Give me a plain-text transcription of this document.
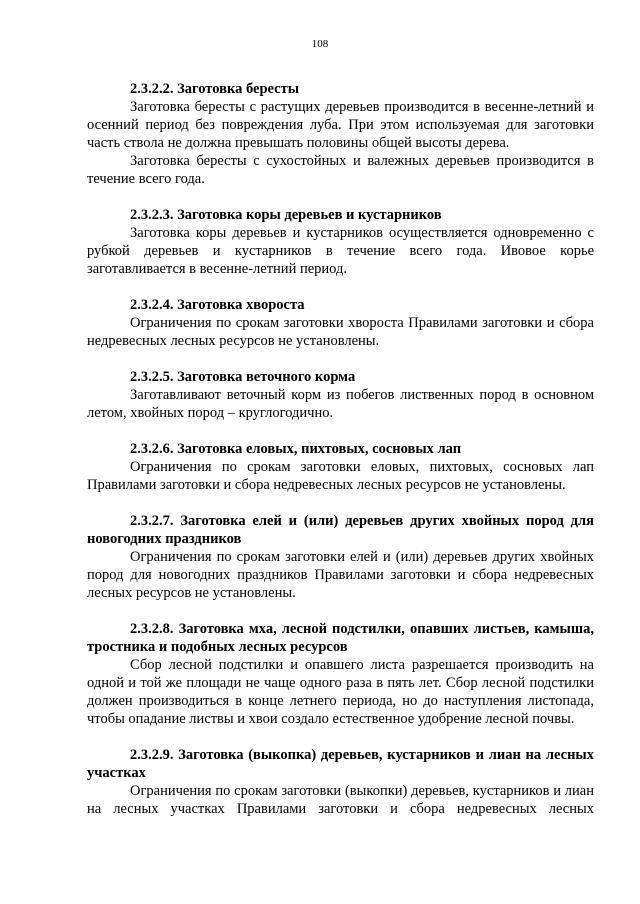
108

2.3.2.2. Заготовка бересты

Заготовка бересты с растущих деревьев производится в весенне-летний и осенний период без повреждения луба. При этом используемая для заготовки часть ствола не должна превышать половины общей высоты дерева.

Заготовка бересты с сухостойных и валежных деревьев производится в течение всего года.

2.3.2.3. Заготовка коры деревьев и кустарников

Заготовка коры деревьев и кустарников осуществляется одновременно с рубкой деревьев и кустарников в течение всего года. Ивовое корье заготавливается в весенне-летний период.

2.3.2.4. Заготовка хвороста

Ограничения по срокам заготовки хвороста Правилами заготовки и сбора недревесных лесных ресурсов не установлены.

2.3.2.5. Заготовка веточного корма

Заготавливают веточный корм из побегов лиственных пород в основном летом, хвойных пород – круглогодично.

2.3.2.6. Заготовка еловых, пихтовых, сосновых лап

Ограничения по срокам заготовки еловых, пихтовых, сосновых лап Правилами заготовки и сбора недревесных лесных ресурсов не установлены.

2.3.2.7. Заготовка елей и (или) деревьев других хвойных пород для новогодних праздников

Ограничения по срокам заготовки елей и (или) деревьев других хвойных пород для новогодних праздников Правилами заготовки и сбора недревесных лесных ресурсов не установлены.

2.3.2.8. Заготовка мха, лесной подстилки, опавших листьев, камыша, тростника и подобных лесных ресурсов

Сбор лесной подстилки и опавшего листа разрешается производить на одной и той же площади не чаще одного раза в пять лет. Сбор лесной подстилки должен производиться в конце летнего периода, но до наступления листопада, чтобы опадание листвы и хвои создало естественное удобрение лесной почвы.

2.3.2.9. Заготовка (выкопка) деревьев, кустарников и лиан на лесных участках

Ограничения по срокам заготовки (выкопки) деревьев, кустарников и лиан на лесных участках Правилами заготовки и сбора недревесных лесных
